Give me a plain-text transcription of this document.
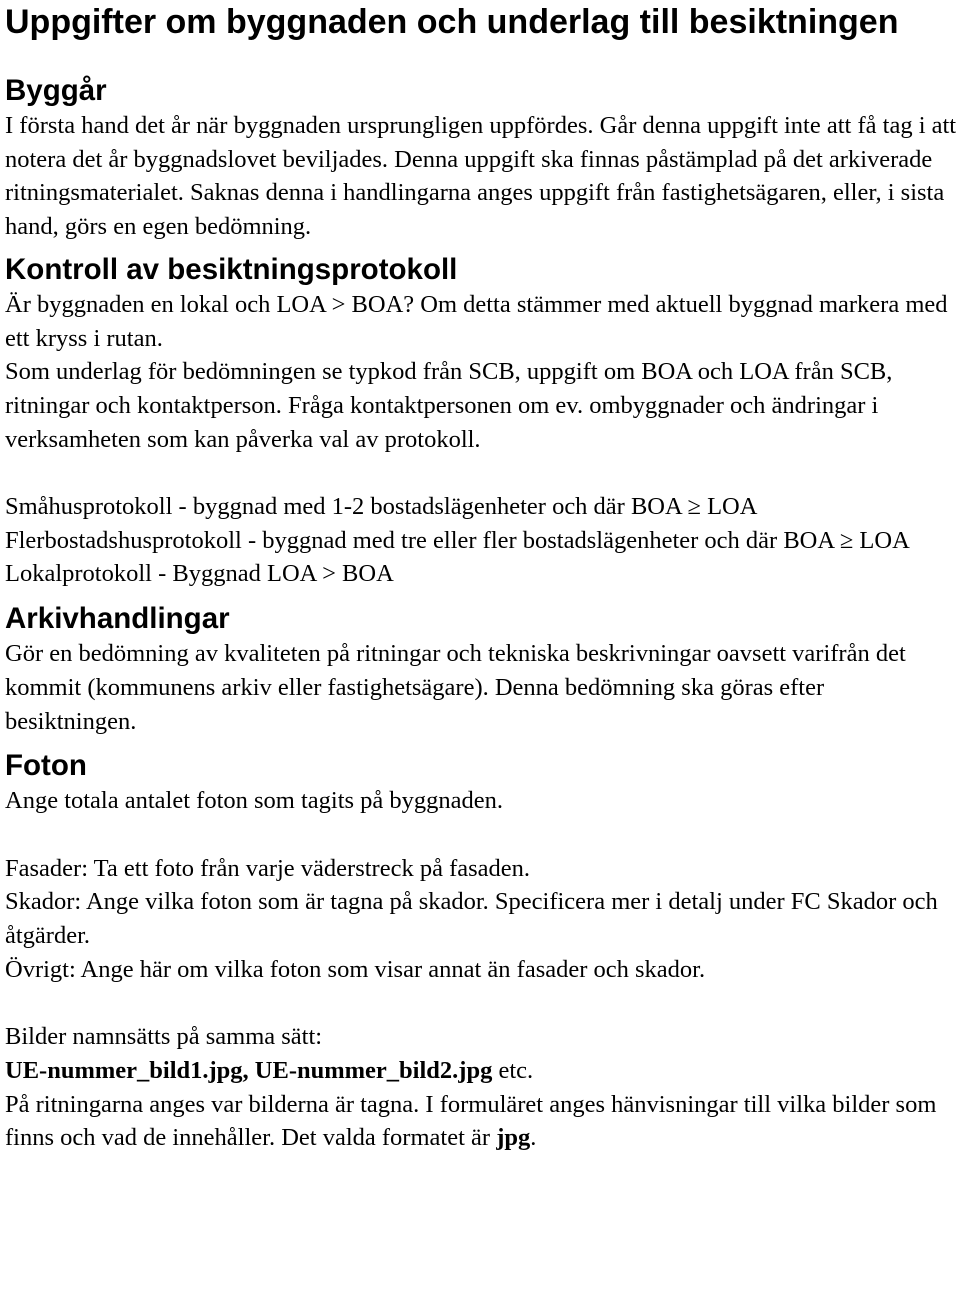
Uppgifter om byggnaden och underlag till besiktningen
Byggår

I första hand det år när byggnaden ursprungligen uppfördes. Går denna uppgift inte att få tag i att notera det år byggnadslovet beviljades. Denna uppgift ska finnas påstämplad på det arkiverade ritningsmaterialet. Saknas denna i handlingarna anges uppgift från fastighetsägaren, eller, i sista hand, görs en egen bedömning.

Kontroll av besiktningsprotokoll

Är byggnaden en lokal och LOA > BOA? Om detta stämmer med aktuell byggnad markera med ett kryss i rutan.

Som underlag för bedömningen se typkod från SCB, uppgift om BOA och LOA från SCB, ritningar och kontaktperson. Fråga kontaktpersonen om ev. ombyggnader och ändringar i verksamheten som kan påverka val av protokoll.

Småhusprotokoll - byggnad med 1-2 bostadslägenheter och där BOA ≥ LOA

Flerbostadshusprotokoll - byggnad med tre eller fler bostadslägenheter och där BOA ≥ LOA

Lokalprotokoll - Byggnad LOA > BOA

Arkivhandlingar

Gör en bedömning av kvaliteten på ritningar och tekniska beskrivningar oavsett varifrån det kommit (kommunens arkiv eller fastighetsägare). Denna bedömning ska göras efter besiktningen.

Foton

Ange totala antalet foton som tagits på byggnaden.

Fasader: Ta ett foto från varje väderstreck på fasaden.

Skador: Ange vilka foton som är tagna på skador. Specificera mer i detalj under FC Skador och åtgärder.

Övrigt: Ange här om vilka foton som visar annat än fasader och skador.

Bilder namnsätts på samma sätt:

UE-nummer_bild1.jpg, UE-nummer_bild2.jpg etc.

På ritningarna anges var bilderna är tagna. I formuläret anges hänvisningar till vilka bilder som finns och vad de innehåller. Det valda formatet är jpg.
